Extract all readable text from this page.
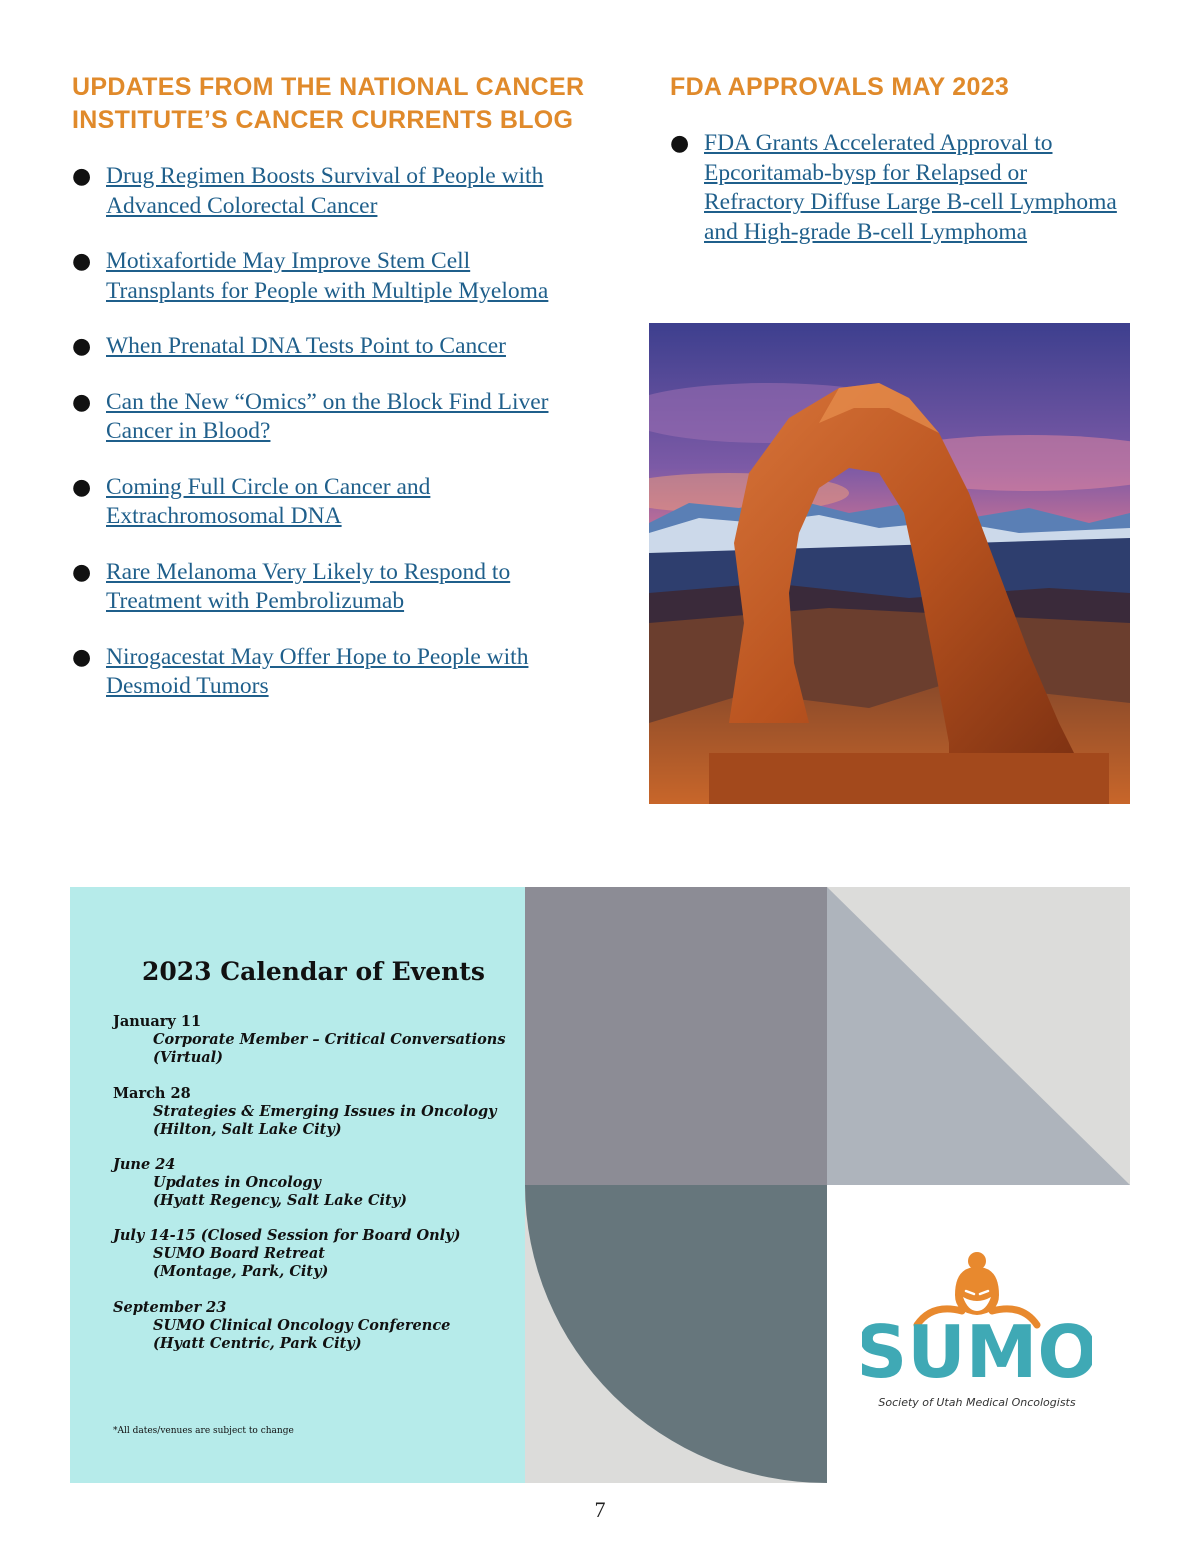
UPDATES FROM THE NATIONAL CANCER
INSTITUTE’S CANCER CURRENTS BLOG
FDA APPROVALS MAY 2023
● Drug Regimen Boosts Survival of People with
Advanced Colorectal Cancer
● Motixafortide May Improve Stem Cell
Transplants for People with Multiple Myeloma
● When Prenatal DNA Tests Point to Cancer
● Can the New “Omics” on the Block Find Liver
Cancer in Blood?
● Coming Full Circle on Cancer and
Extrachromosomal DNA
● Rare Melanoma Very Likely to Respond to
Treatment with Pembrolizumab
● Nirogacestat May Offer Hope to People with
Desmoid Tumors
● FDA Grants Accelerated Approval to
Epcoritamab-bysp for Relapsed or
Refractory Diffuse Large B-cell Lymphoma
and High-grade B-cell Lymphoma
2023 Calendar of Events
January 11
Corporate Member – Critical Conversations
(Virtual)
March 28
Strategies & Emerging Issues in Oncology
(Hilton, Salt Lake City)
June 24
Updates in Oncology
(Hyatt Regency, Salt Lake City)
July 14-15 (Closed Session for Board Only)
SUMO Board Retreat
(Montage, Park, City)
September 23
SUMO Clinical Oncology Conference
(Hyatt Centric, Park City)
*All dates/venues are subject to change
SUMO
Society of Utah Medical Oncologists
7
